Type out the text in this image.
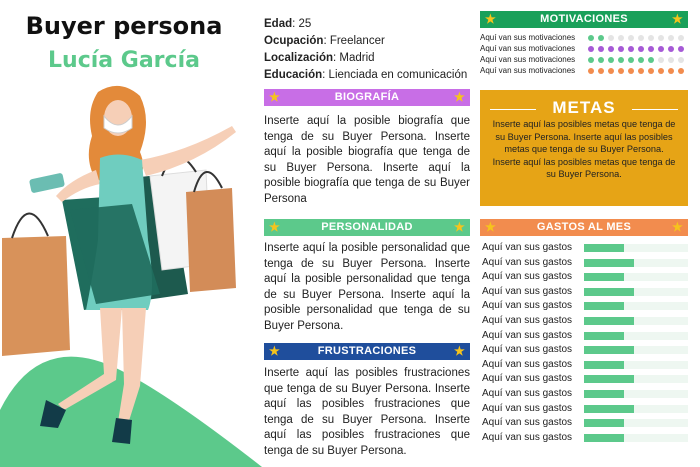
Buyer persona
Lucía García
Edad: 25
Ocupación: Freelancer
Localización: Madrid
Educación: Lienciada en comunicación
★	BIOGRAFÍA	★
Inserte aquí la posible biografía que tenga de su Buyer Persona. Inserte aquí la posible biografía que tenga de su Buyer Persona. Inserte aquí la posible biografía que tenga de su Buyer Persona
★	PERSONALIDAD	★
Inserte aquí la posible personalidad que tenga de su Buyer Persona. Inserte aquí la posible personalidad que tenga de su Buyer Persona. Inserte aquí la posible personalidad que tenga de su Buyer Persona.
★	FRUSTRACIONES	★
Inserte aquí las posibles frustraciones que tenga de su Buyer Persona. Inserte aquí las posibles frustraciones que tenga de su Buyer Persona. Inserte aquí las posibles frustraciones que tenga de su Buyer Persona.
★	MOTIVACIONES	★
Aquí van sus motivaciones
Aquí van sus motivaciones
Aquí van sus motivaciones
Aquí van sus motivaciones
METAS
Inserte aquí las posibles metas que tenga de su Buyer Persona. Inserte aquí las posibles metas que tenga de su Buyer Persona. Inserte aquí las posibles metas que tenga de su Buyer Persona.
★	GASTOS AL MES	★
Aquí van sus gastos
Aquí van sus gastos
Aquí van sus gastos
Aquí van sus gastos
Aquí van sus gastos
Aquí van sus gastos
Aquí van sus gastos
Aquí van sus gastos
Aquí van sus gastos
Aquí van sus gastos
Aquí van sus gastos
Aquí van sus gastos
Aquí van sus gastos
Aquí van sus gastos
